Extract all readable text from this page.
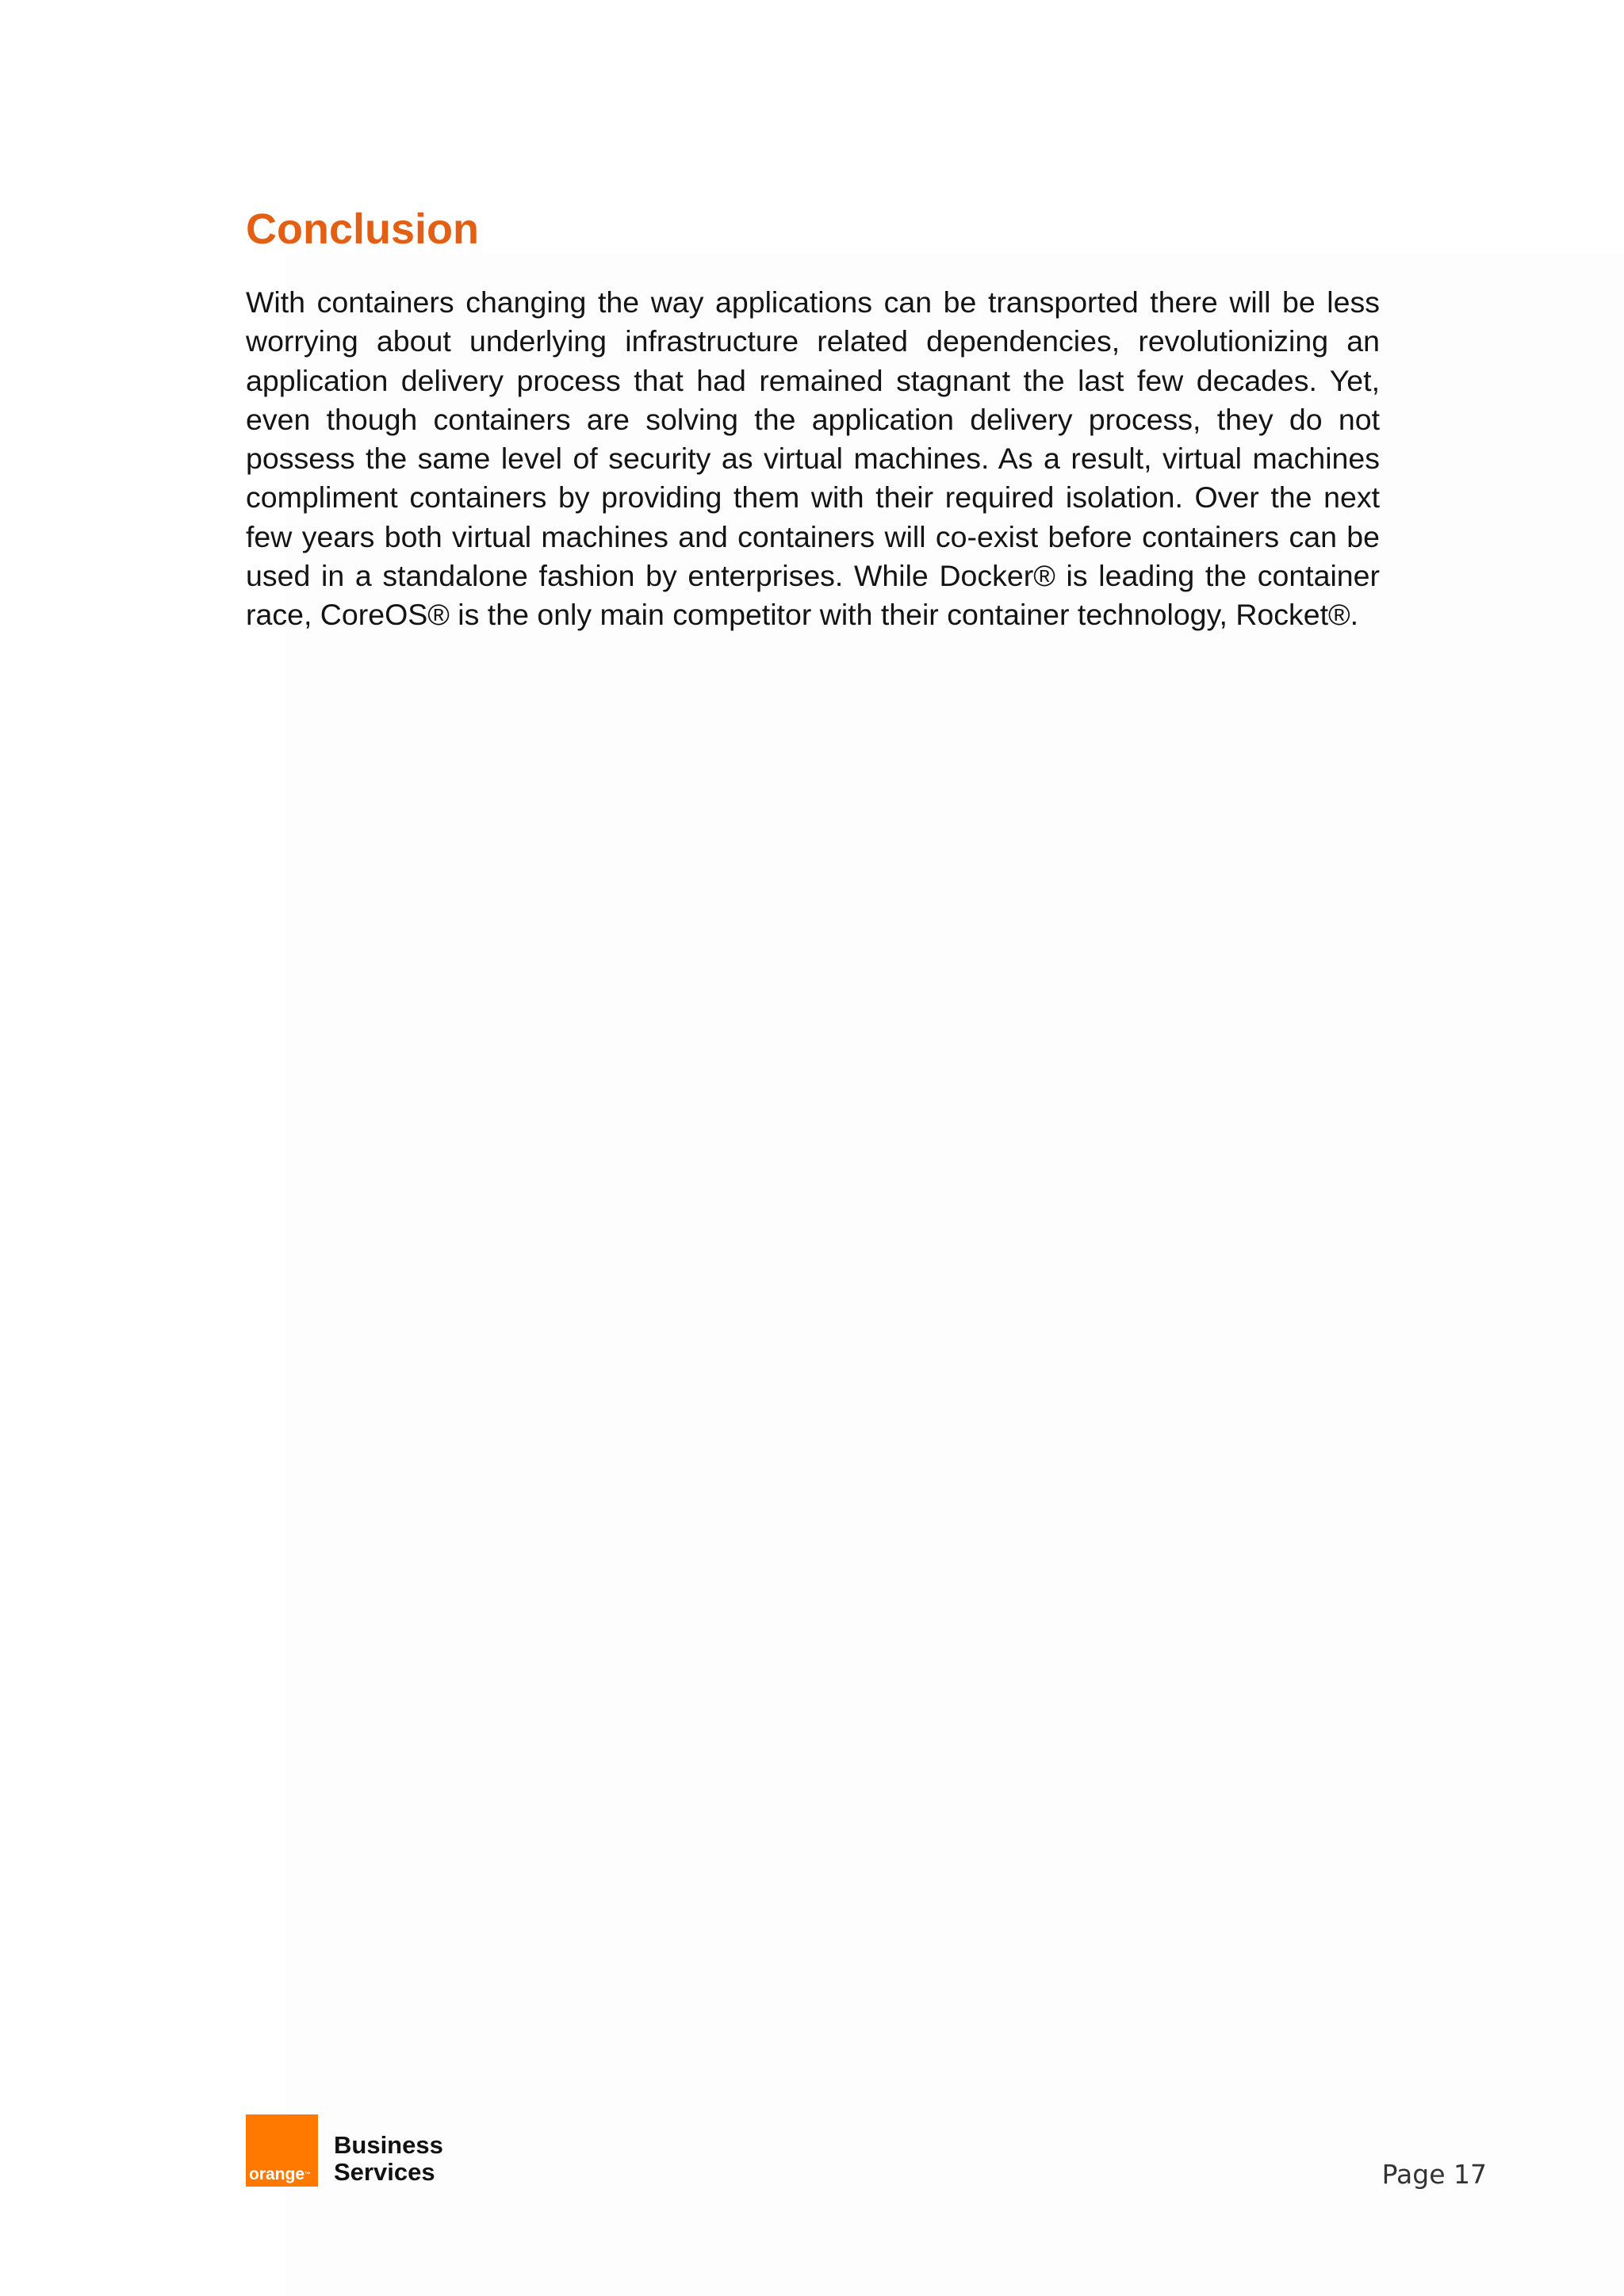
Conclusion

With containers changing the way applications can be transported there will be less worrying about underlying infrastructure related dependencies, revolutionizing an application delivery process that had remained stagnant the last few decades. Yet, even though containers are solving the application delivery process, they do not possess the same level of security as virtual machines. As a result, virtual machines compliment containers by providing them with their required isolation. Over the next few years both virtual machines and containers will co-exist before containers can be used in a standalone fashion by enterprises. While Docker® is leading the container race, CoreOS® is the only main competitor with their container technology, Rocket®.

orange™
Business
Services	Page 17
